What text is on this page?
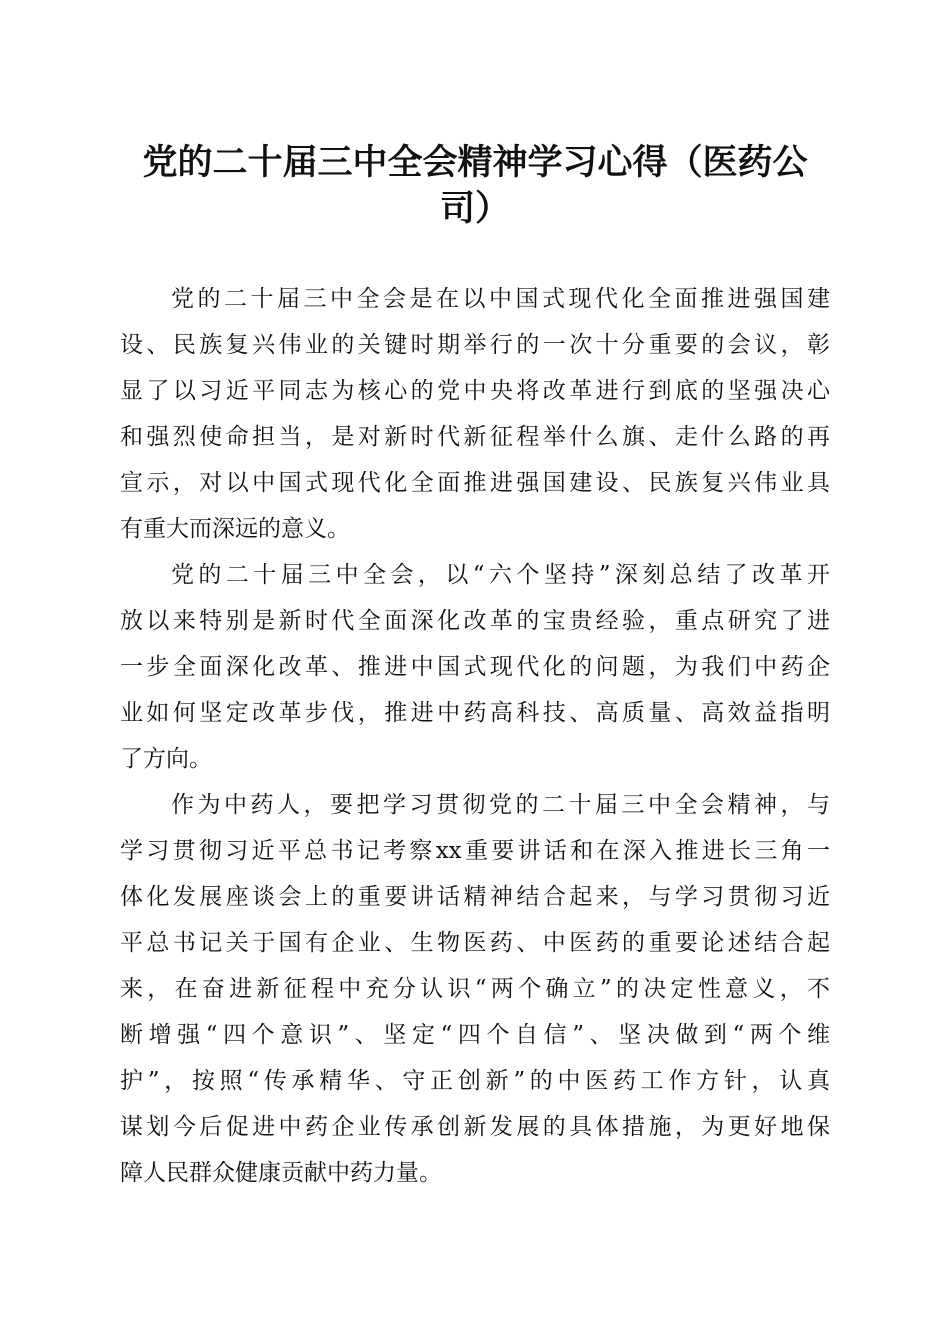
党的二十届三中全会精神学习心得（医药公
司）

党的二十届三中全会是在以中国式现代化全面推进强国建
设、民族复兴伟业的关键时期举行的一次十分重要的会议，彰
显了以习近平同志为核心的党中央将改革进行到底的坚强决心
和强烈使命担当，是对新时代新征程举什么旗、走什么路的再
宣示，对以中国式现代化全面推进强国建设、民族复兴伟业具
有重大而深远的意义。

党的二十届三中全会，以“六个坚持”深刻总结了改革开
放以来特别是新时代全面深化改革的宝贵经验，重点研究了进
一步全面深化改革、推进中国式现代化的问题，为我们中药企
业如何坚定改革步伐，推进中药高科技、高质量、高效益指明
了方向。

作为中药人，要把学习贯彻党的二十届三中全会精神，与
学习贯彻习近平总书记考察xx重要讲话和在深入推进长三角一
体化发展座谈会上的重要讲话精神结合起来，与学习贯彻习近
平总书记关于国有企业、生物医药、中医药的重要论述结合起
来，在奋进新征程中充分认识“两个确立”的决定性意义，不
断增强“四个意识”、坚定“四个自信”、坚决做到“两个维
护”，按照“传承精华、守正创新”的中医药工作方针，认真
谋划今后促进中药企业传承创新发展的具体措施，为更好地保
障人民群众健康贡献中药力量。
